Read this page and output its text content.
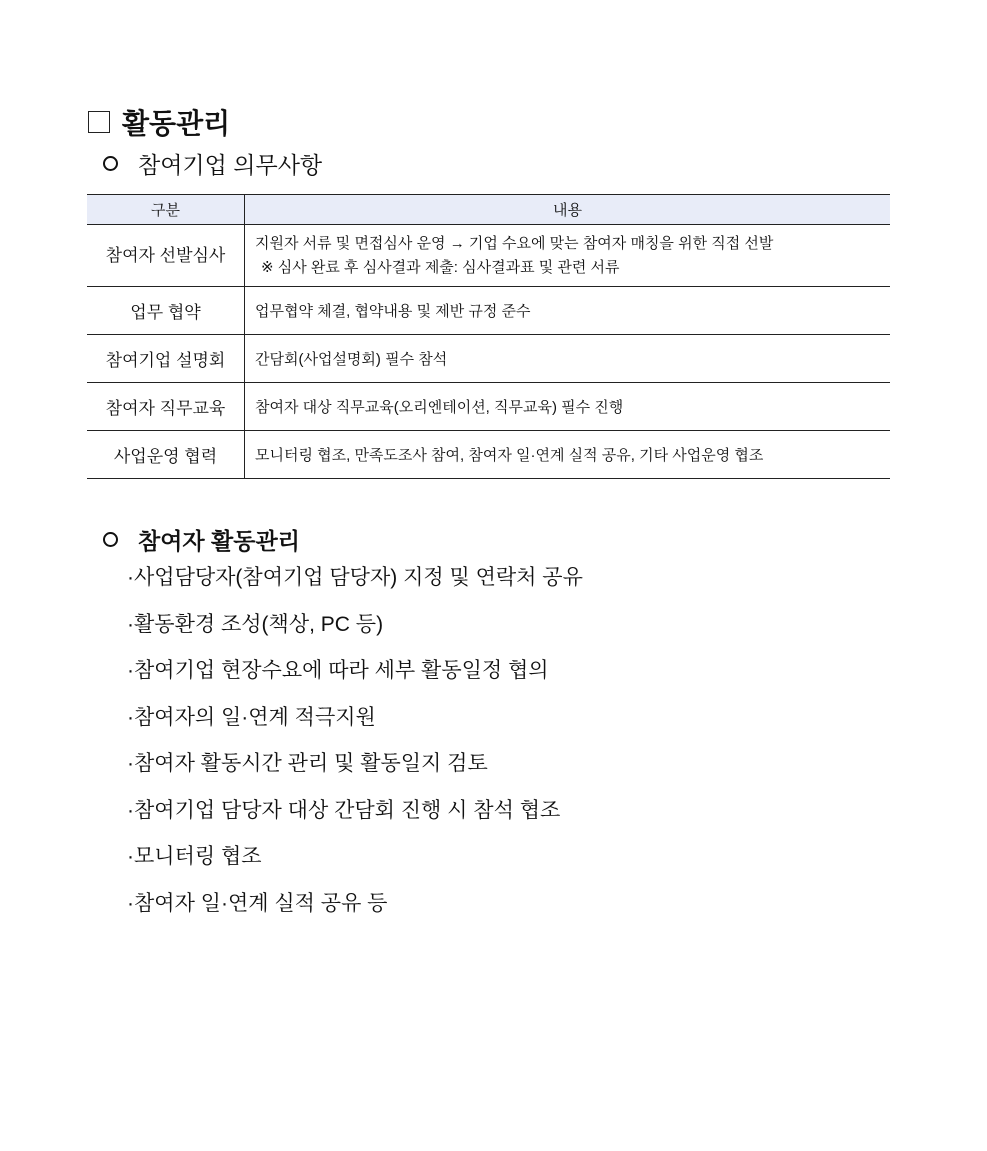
활동관리
참여기업 의무사항
구분	내용
참여자 선발심사	지원자 서류 및 면접심사 운영 → 기업 수요에 맞는 참여자 매칭을 위한 직접 선발
※ 심사 완료 후 심사결과 제출: 심사결과표 및 관련 서류

업무 협약	업무협약 체결, 협약내용 및 제반 규정 준수
참여기업 설명회	간담회(사업설명회) 필수 참석
참여자 직무교육	참여자 대상 직무교육(오리엔테이션, 직무교육) 필수 진행
사업운영 협력	모니터링 협조, 만족도조사 참여, 참여자 일·연계 실적 공유, 기타 사업운영 협조
참여자 활동관리
·사업담당자(참여기업 담당자) 지정 및 연락처 공유
·활동환경 조성(책상, PC 등)
·참여기업 현장수요에 따라 세부 활동일정 협의
·참여자의 일·연계 적극지원
·참여자 활동시간 관리 및 활동일지 검토
·참여기업 담당자 대상 간담회 진행 시 참석 협조
·모니터링 협조
·참여자 일·연계 실적 공유 등
